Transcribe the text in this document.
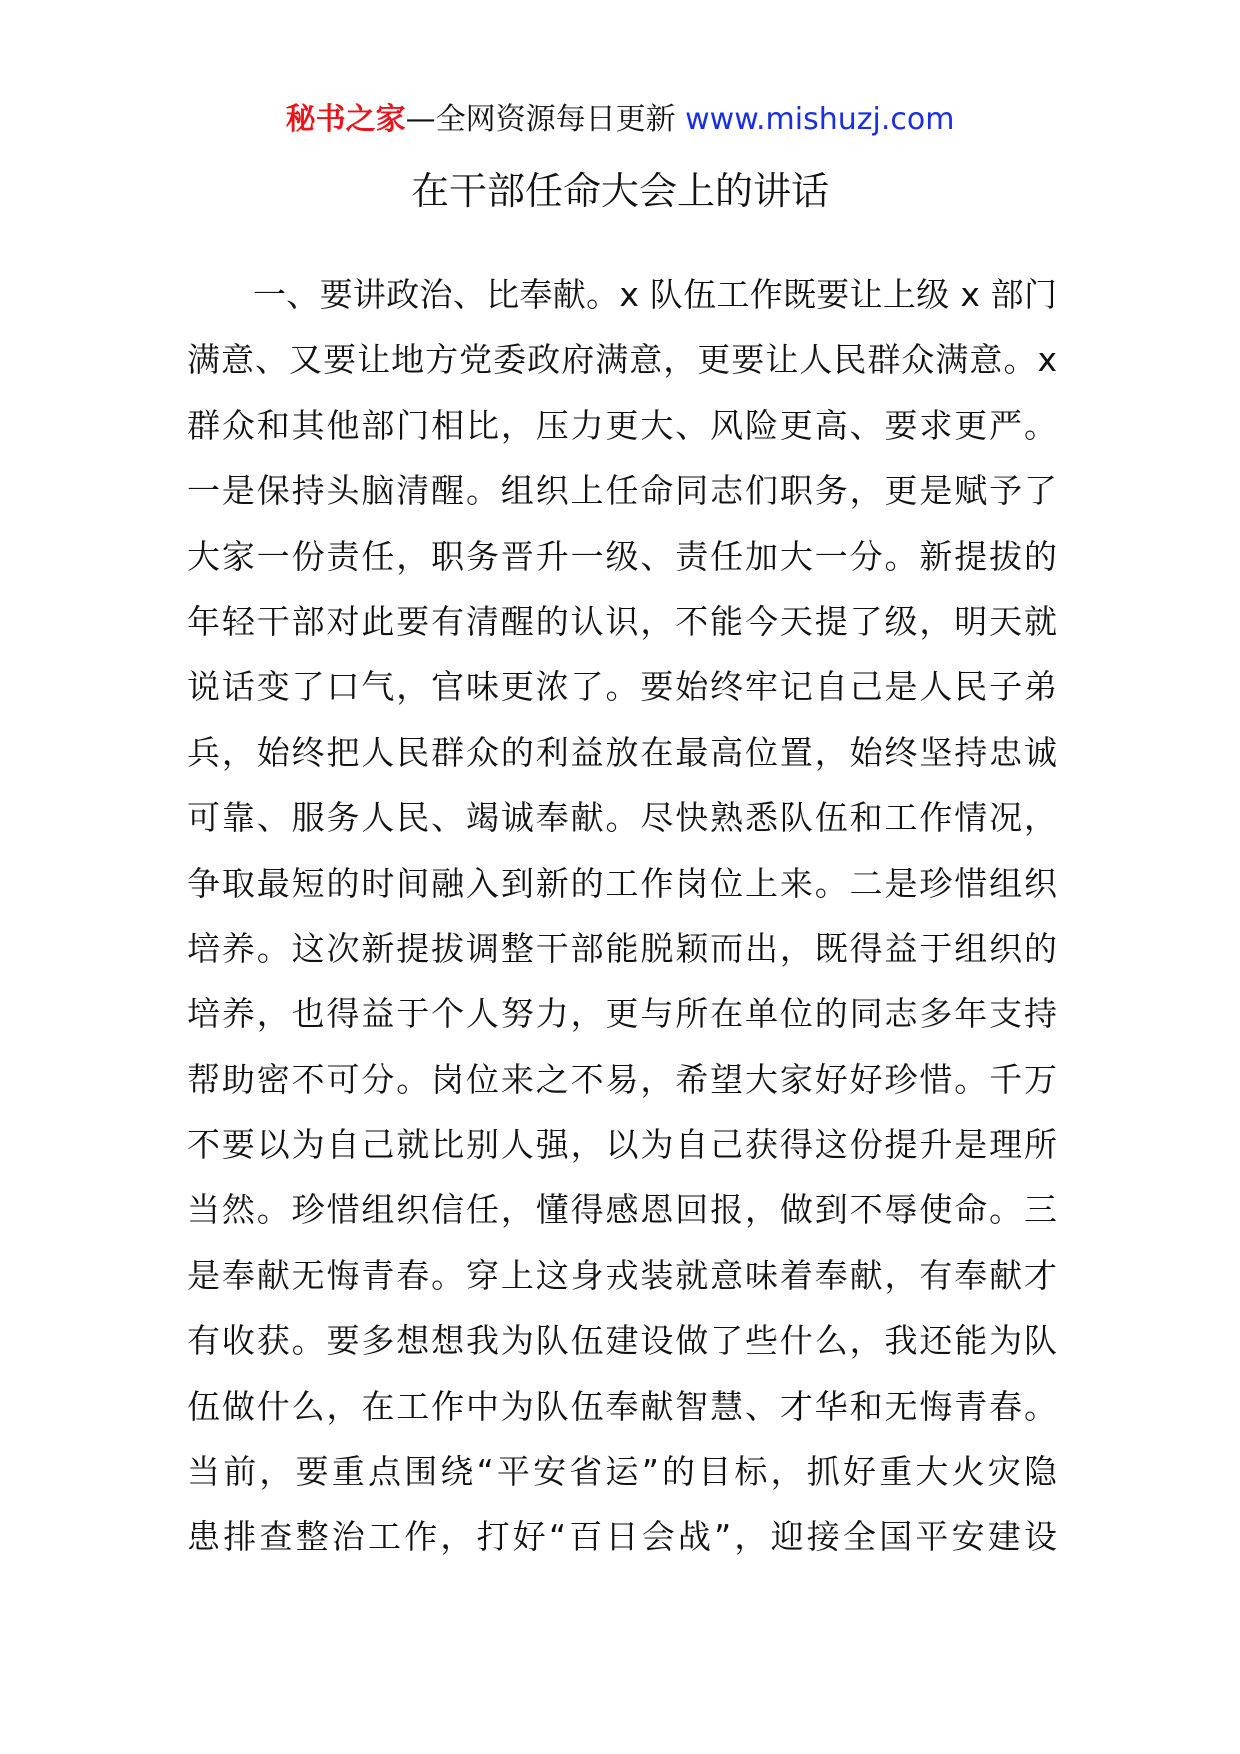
秘书之家—全网资源每日更新 www.mishuzj.com
在干部任命大会上的讲话
一、要讲政治、比奉献。x 队伍工作既要让上级 x 部门
满意、又要让地方党委政府满意，更要让人民群众满意。x
群众和其他部门相比，压力更大、风险更高、要求更严。
一是保持头脑清醒。组织上任命同志们职务，更是赋予了
大家一份责任，职务晋升一级、责任加大一分。新提拔的
年轻干部对此要有清醒的认识，不能今天提了级，明天就
说话变了口气，官味更浓了。要始终牢记自己是人民子弟
兵，始终把人民群众的利益放在最高位置，始终坚持忠诚
可靠、服务人民、竭诚奉献。尽快熟悉队伍和工作情况，
争取最短的时间融入到新的工作岗位上来。二是珍惜组织
培养。这次新提拔调整干部能脱颖而出，既得益于组织的
培养，也得益于个人努力，更与所在单位的同志多年支持
帮助密不可分。岗位来之不易，希望大家好好珍惜。千万
不要以为自己就比别人强，以为自己获得这份提升是理所
当然。珍惜组织信任，懂得感恩回报，做到不辱使命。三
是奉献无悔青春。穿上这身戎装就意味着奉献，有奉献才
有收获。要多想想我为队伍建设做了些什么，我还能为队
伍做什么，在工作中为队伍奉献智慧、才华和无悔青春。
当前，要重点围绕“平安省运”的目标，抓好重大火灾隐
患排查整治工作，打好“百日会战”，迎接全国平安建设
